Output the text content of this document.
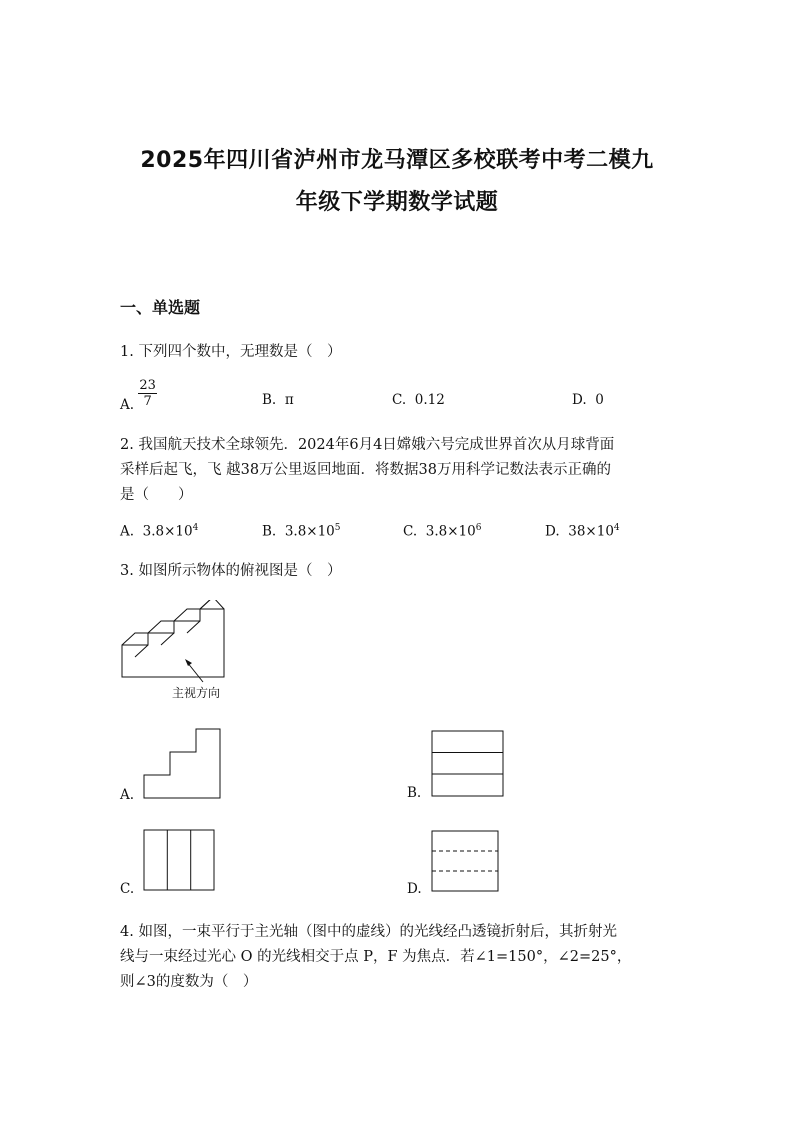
2025年四川省泸州市龙马潭区多校联考中考二模九
年级下学期数学试题
一、单选题
1. 下列四个数中，无理数是（　）
A. $\frac{23}{7}$	B. π	C. 0.12	D. 0
2. 我国航天技术全球领先．2024年6月4日嫦娥六号完成世界首次从月球背面
采样后起飞，飞 越38万公里返回地面．将数据38万用科学记数法表示正确的
是（　　）
A. $3.8\times 10^4$	B. $3.8\times 10^5$	C. $3.8\times 10^6$	D. $38\times 10^4$
3. 如图所示物体的俯视图是（　）
主视方向
A.	B.
C.	D.
4. 如图，一束平行于主光轴（图中的虚线）的光线经凸透镜折射后，其折射光
线与一束经过光心 O 的光线相交于点 P，F 为焦点．若∠1=150°，∠2=25°，
则∠3的度数为（　）
